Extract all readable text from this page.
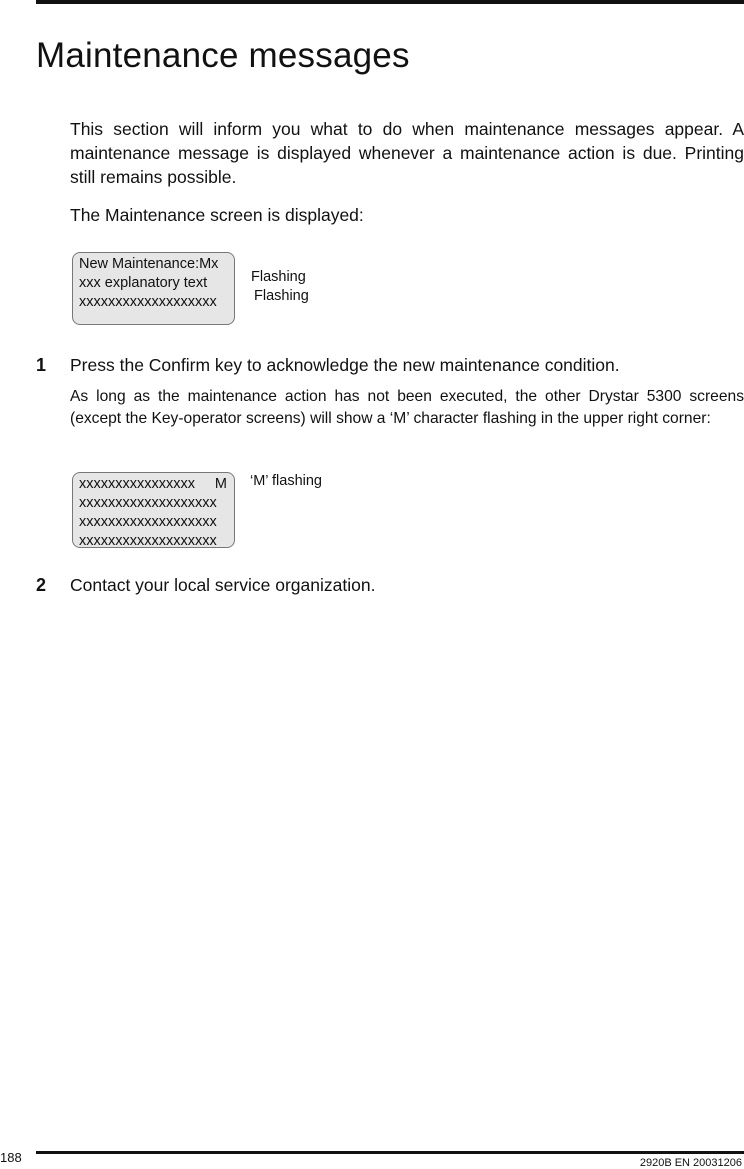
Maintenance messages

This section will inform you what to do when maintenance messages appear. A maintenance message is displayed whenever a maintenance action is due. Printing still remains possible.

The Maintenance screen is displayed:

New Maintenance:Mx
xxx explanatory text
xxxxxxxxxxxxxxxxxxx
Flashing
Flashing
1 Press the Confirm key to acknowledge the new maintenance condition.

As long as the maintenance action has not been executed, the other Drystar 5300 screens (except the Key-operator screens) will show a ‘M’ character flashing in the upper right corner:

xxxxxxxxxxxxxxxx M
xxxxxxxxxxxxxxxxxxx
xxxxxxxxxxxxxxxxxxx
xxxxxxxxxxxxxxxxxxx
‘M’ flashing
2 Contact your local service organization.

188	2920B EN 20031206
